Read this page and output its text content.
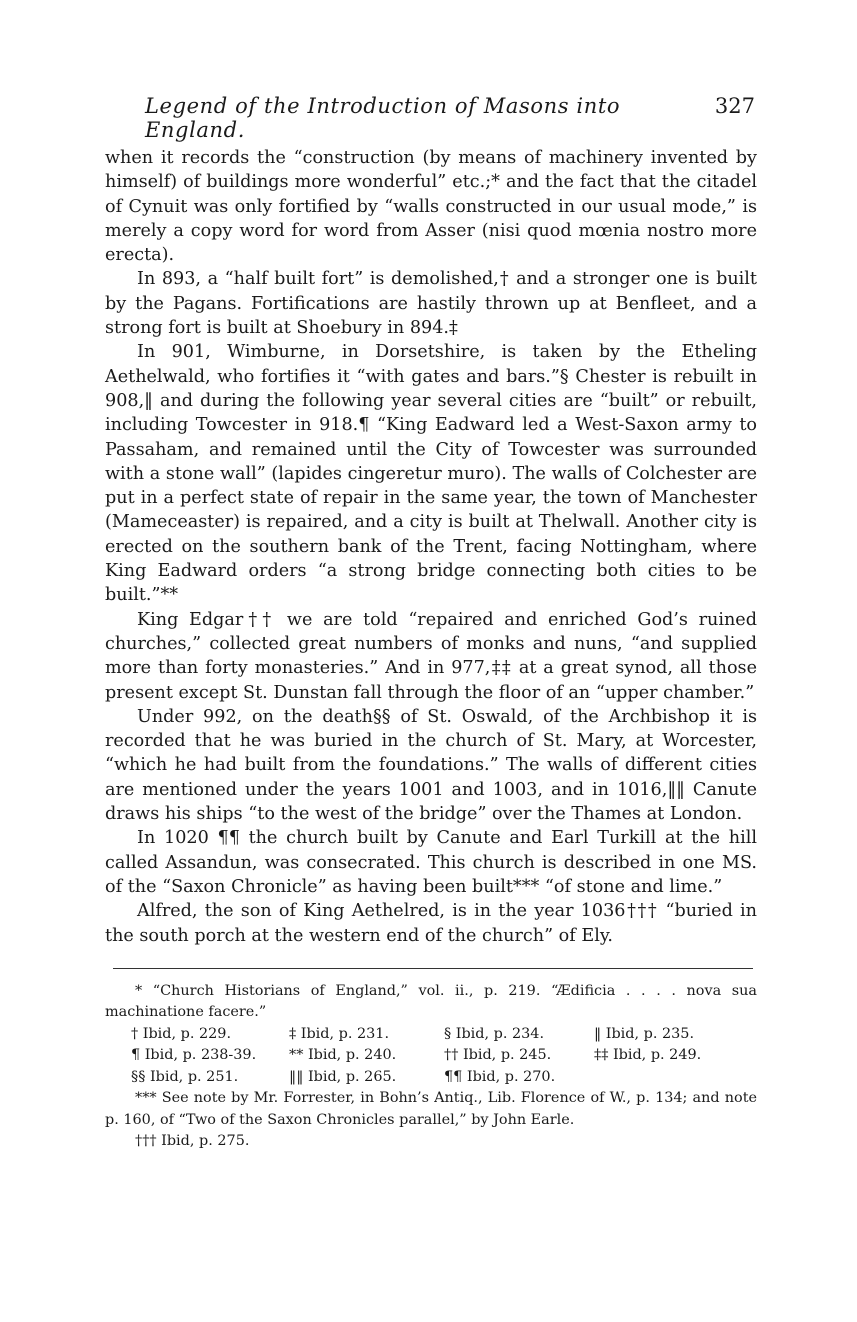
Legend of the Introduction of Masons into England.
327

when it records the “construction (by means of machinery invented by himself) of buildings more wonderful” etc.;* and the fact that the citadel of Cynuit was only fortified by “walls constructed in our usual mode,” is merely a copy word for word from Asser (nisi quod mœnia nostro more erecta).

In 893, a “half built fort” is demolished,† and a stronger one is built by the Pagans. Fortifications are hastily thrown up at Benfleet, and a strong fort is built at Shoebury in 894.‡

In 901, Wimburne, in Dorsetshire, is taken by the Etheling Aethelwald, who fortifies it “with gates and bars.”§ Chester is rebuilt in 908,‖ and during the following year several cities are “built” or rebuilt, including Towcester in 918.¶ “King Eadward led a West-Saxon army to Passaham, and remained until the City of Towcester was surrounded with a stone wall” (lapides cingeretur muro). The walls of Colchester are put in a perfect state of repair in the same year, the town of Manchester (Mameceaster) is repaired, and a city is built at Thelwall. Another city is erected on the southern bank of the Trent, facing Nottingham, where King Eadward orders “a strong bridge connecting both cities to be built.”**

King Edgar†† we are told “repaired and enriched God’s ruined churches,” collected great numbers of monks and nuns, “and supplied more than forty monasteries.” And in 977,‡‡ at a great synod, all those present except St. Dunstan fall through the floor of an “upper chamber.”

Under 992, on the death§§ of St. Oswald, of the Archbishop it is recorded that he was buried in the church of St. Mary, at Worcester, “which he had built from the foundations.” The walls of different cities are mentioned under the years 1001 and 1003, and in 1016,‖‖ Canute draws his ships “to the west of the bridge” over the Thames at London.

In 1020 ¶¶ the church built by Canute and Earl Turkill at the hill called Assandun, was consecrated. This church is described in one MS. of the “Saxon Chronicle” as having been built*** “of stone and lime.”

Alfred, the son of King Aethelred, is in the year 1036††† “buried in the south porch at the western end of the church” of Ely.

* “Church Historians of England,” vol. ii., p. 219. “Ædificia . . . . nova sua machinatione facere.”

† Ibid, p. 229.	‡ Ibid, p. 231.	§ Ibid, p. 234.	‖ Ibid, p. 235.
¶ Ibid, p. 238-39.	** Ibid, p. 240.	†† Ibid, p. 245.	‡‡ Ibid, p. 249.
§§ Ibid, p. 251.	‖‖ Ibid, p. 265.	¶¶ Ibid, p. 270.

*** See note by Mr. Forrester, in Bohn’s Antiq., Lib. Florence of W., p. 134; and note p. 160, of “Two of the Saxon Chronicles parallel,” by John Earle.

††† Ibid, p. 275.
